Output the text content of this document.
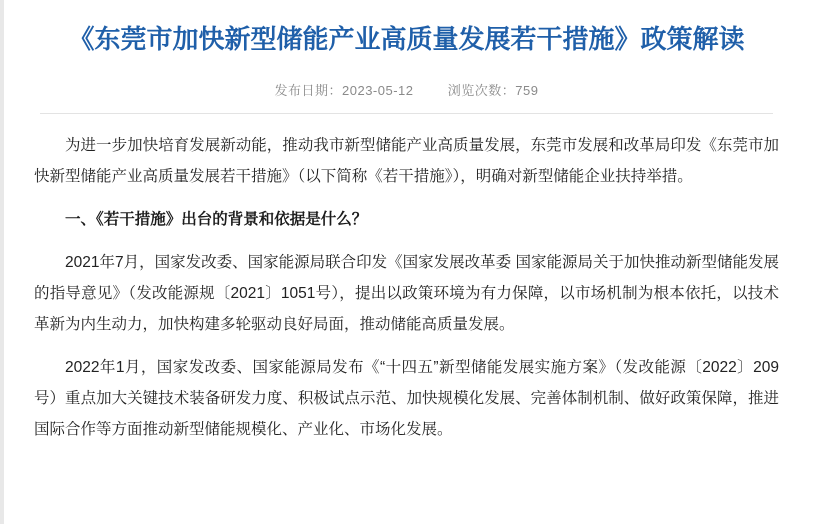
《东莞市加快新型储能产业高质量发展若干措施》政策解读
发布日期：2023-05-12	浏览次数：759

为进一步加快培育发展新动能，推动我市新型储能产业高质量发展，东莞市发展和改革局印发《东莞市加快新型储能产业高质量发展若干措施》（以下简称《若干措施》），明确对新型储能企业扶持举措。

一、《若干措施》出台的背景和依据是什么？

2021年7月，国家发改委、国家能源局联合印发《国家发展改革委 国家能源局关于加快推动新型储能发展的指导意见》（发改能源规〔2021〕1051号），提出以政策环境为有力保障，以市场机制为根本依托，以技术革新为内生动力，加快构建多轮驱动良好局面，推动储能高质量发展。

2022年1月，国家发改委、国家能源局发布《“十四五”新型储能发展实施方案》（发改能源〔2022〕209号）重点加大关键技术装备研发力度、积极试点示范、加快规模化发展、完善体制机制、做好政策保障，推进国际合作等方面推动新型储能规模化、产业化、市场化发展。
